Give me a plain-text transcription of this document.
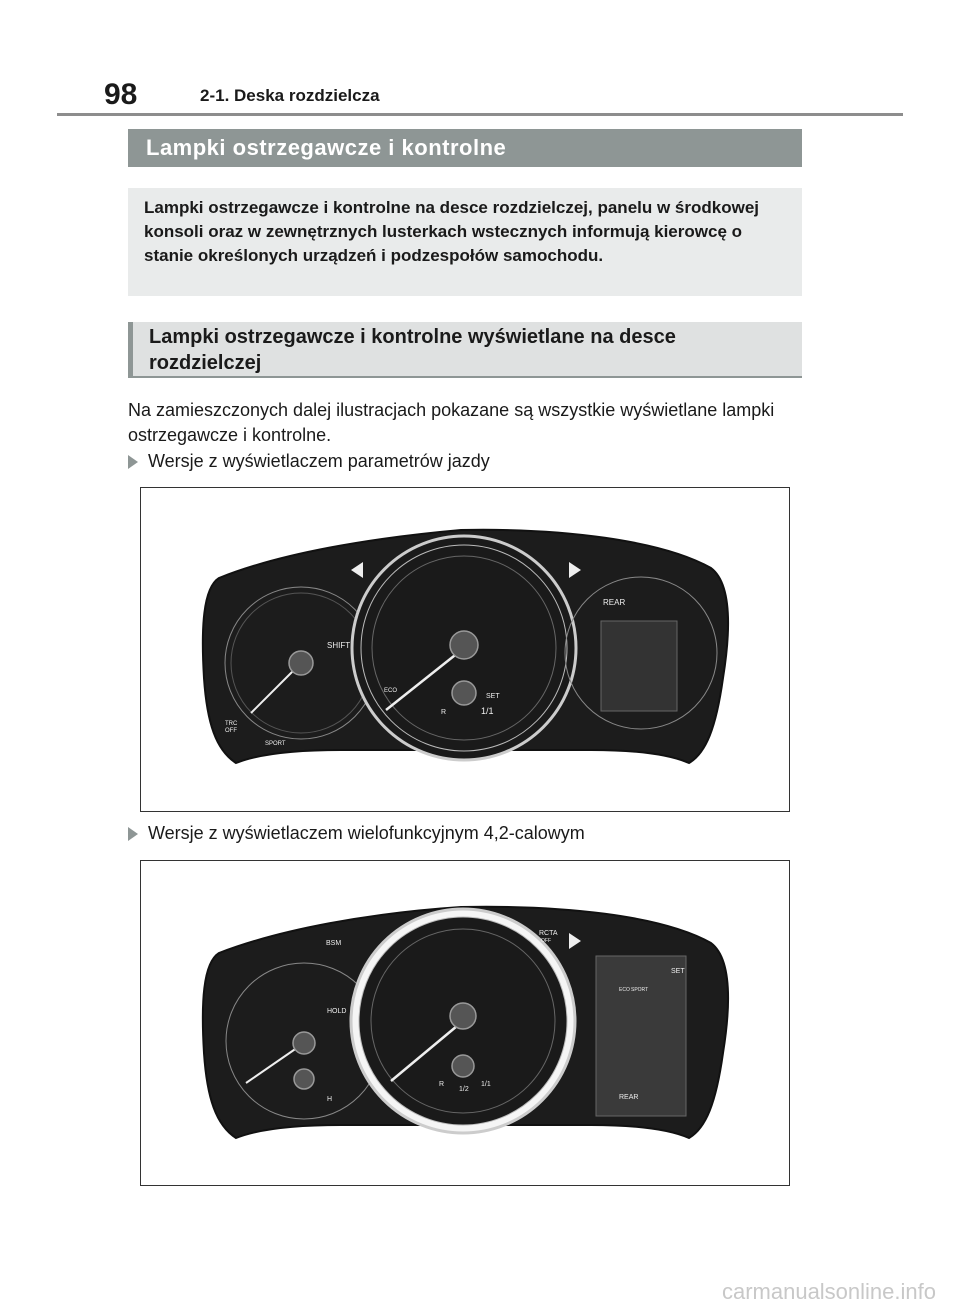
98	2-1. Deska rozdzielcza
Lampki ostrzegawcze i kontrolne
Lampki ostrzegawcze i kontrolne na desce rozdzielczej, panelu w środkowej konsoli oraz w zewnętrznych lusterkach wstecznych informują kierowcę o stanie określonych urządzeń i podzespołów samochodu.
Lampki ostrzegawcze i kontrolne wyświetlane na desce rozdzielczej
Na zamieszczonych dalej ilustracjach pokazane są wszystkie wyświetlane lampki ostrzegawcze i kontrolne.
Wersje z wyświetlaczem parametrów jazdy
SHIFT
REAR
SET
R	1/1
ECO
SPORT
TRC
OFF
Wersje z wyświetlaczem wielofunkcyjnym 4,2-calowym
BSM
RCTA
OFF
HOLD
SET
REAR
R
1/2
1/1
H
ECO SPORT
carmanualsonline.info
